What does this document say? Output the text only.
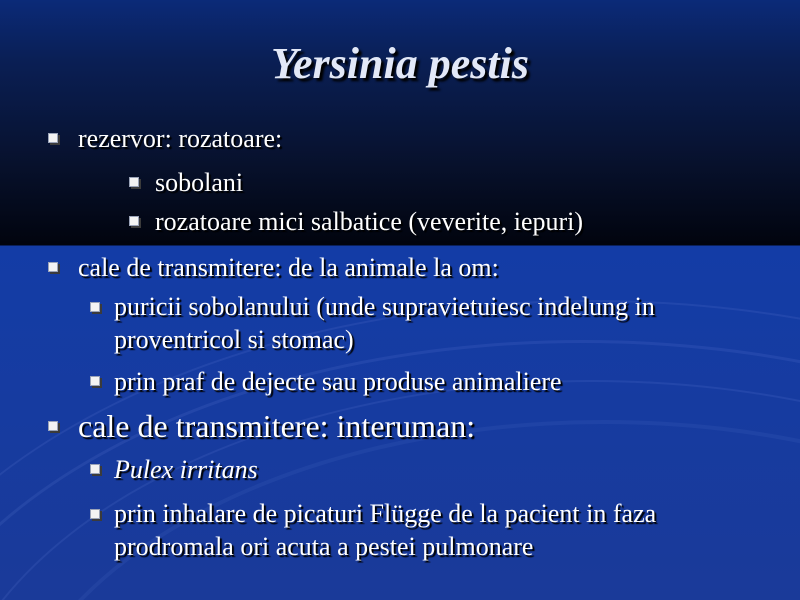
Yersinia pestis
rezervor: rozatoare:
sobolani
rozatoare mici salbatice (veverite, iepuri)
cale de transmitere: de la animale la om:
puricii sobolanului (unde supravietuiesc indelung in proventricol si stomac)
prin praf de dejecte sau produse animaliere
cale de transmitere: interuman:
Pulex irritans
prin inhalare de picaturi Flügge de la pacient in faza prodromala ori acuta a pestei pulmonare
